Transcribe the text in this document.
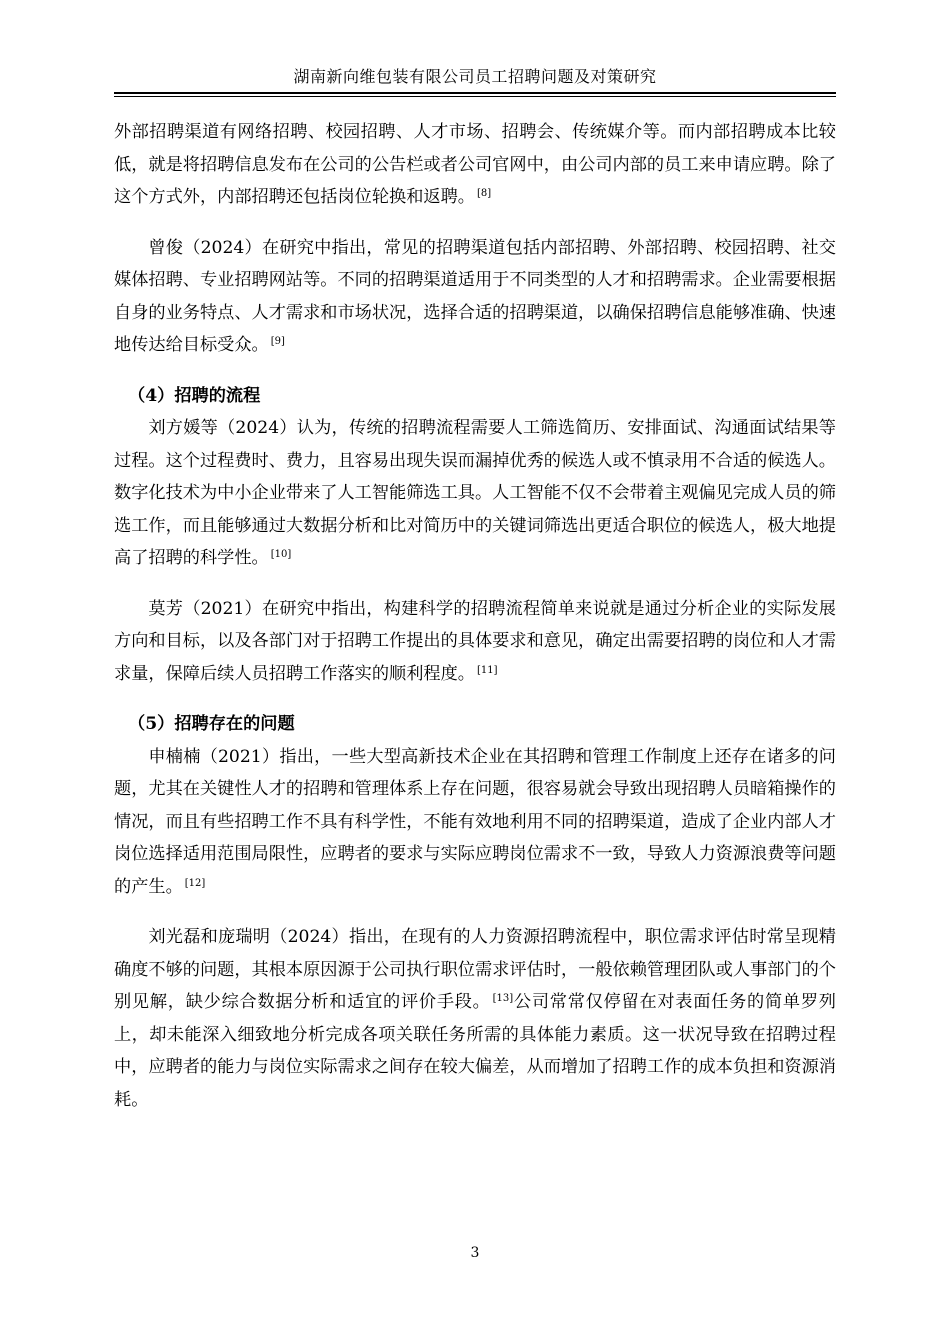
湖南新向维包装有限公司员工招聘问题及对策研究

外部招聘渠道有网络招聘、校园招聘、人才市场、招聘会、传统媒介等。而内部招聘成本比较低，就是将招聘信息发布在公司的公告栏或者公司官网中，由公司内部的员工来申请应聘。除了这个方式外，内部招聘还包括岗位轮换和返聘。 [8]

曾俊（2024）在研究中指出，常见的招聘渠道包括内部招聘、外部招聘、校园招聘、社交媒体招聘、专业招聘网站等。不同的招聘渠道适用于不同类型的人才和招聘需求。企业需要根据自身的业务特点、人才需求和市场状况，选择合适的招聘渠道，以确保招聘信息能够准确、快速地传达给目标受众。 [9]

（4）招聘的流程

刘方媛等（2024）认为，传统的招聘流程需要人工筛选简历、安排面试、沟通面试结果等过程。这个过程费时、费力，且容易出现失误而漏掉优秀的候选人或不慎录用不合适的候选人。数字化技术为中小企业带来了人工智能筛选工具。人工智能不仅不会带着主观偏见完成人员的筛选工作，而且能够通过大数据分析和比对简历中的关键词筛选出更适合职位的候选人，极大地提高了招聘的科学性。 [10]

莫芳（2021）在研究中指出，构建科学的招聘流程简单来说就是通过分析企业的实际发展方向和目标，以及各部门对于招聘工作提出的具体要求和意见，确定出需要招聘的岗位和人才需求量，保障后续人员招聘工作落实的顺利程度。 [11]

（5）招聘存在的问题

申楠楠（2021）指出，一些大型高新技术企业在其招聘和管理工作制度上还存在诸多的问题，尤其在关键性人才的招聘和管理体系上存在问题，很容易就会导致出现招聘人员暗箱操作的情况，而且有些招聘工作不具有科学性，不能有效地利用不同的招聘渠道，造成了企业内部人才岗位选择适用范围局限性，应聘者的要求与实际应聘岗位需求不一致，导致人力资源浪费等问题的产生。 [12]

刘光磊和庞瑞明（2024）指出，在现有的人力资源招聘流程中，职位需求评估时常呈现精确度不够的问题，其根本原因源于公司执行职位需求评估时，一般依赖管理团队或人事部门的个别见解，缺少综合数据分析和适宜的评价手段。 [13]公司常常仅停留在对表面任务的简单罗列上，却未能深入细致地分析完成各项关联任务所需的具体能力素质。这一状况导致在招聘过程中，应聘者的能力与岗位实际需求之间存在较大偏差，从而增加了招聘工作的成本负担和资源消耗。

3
